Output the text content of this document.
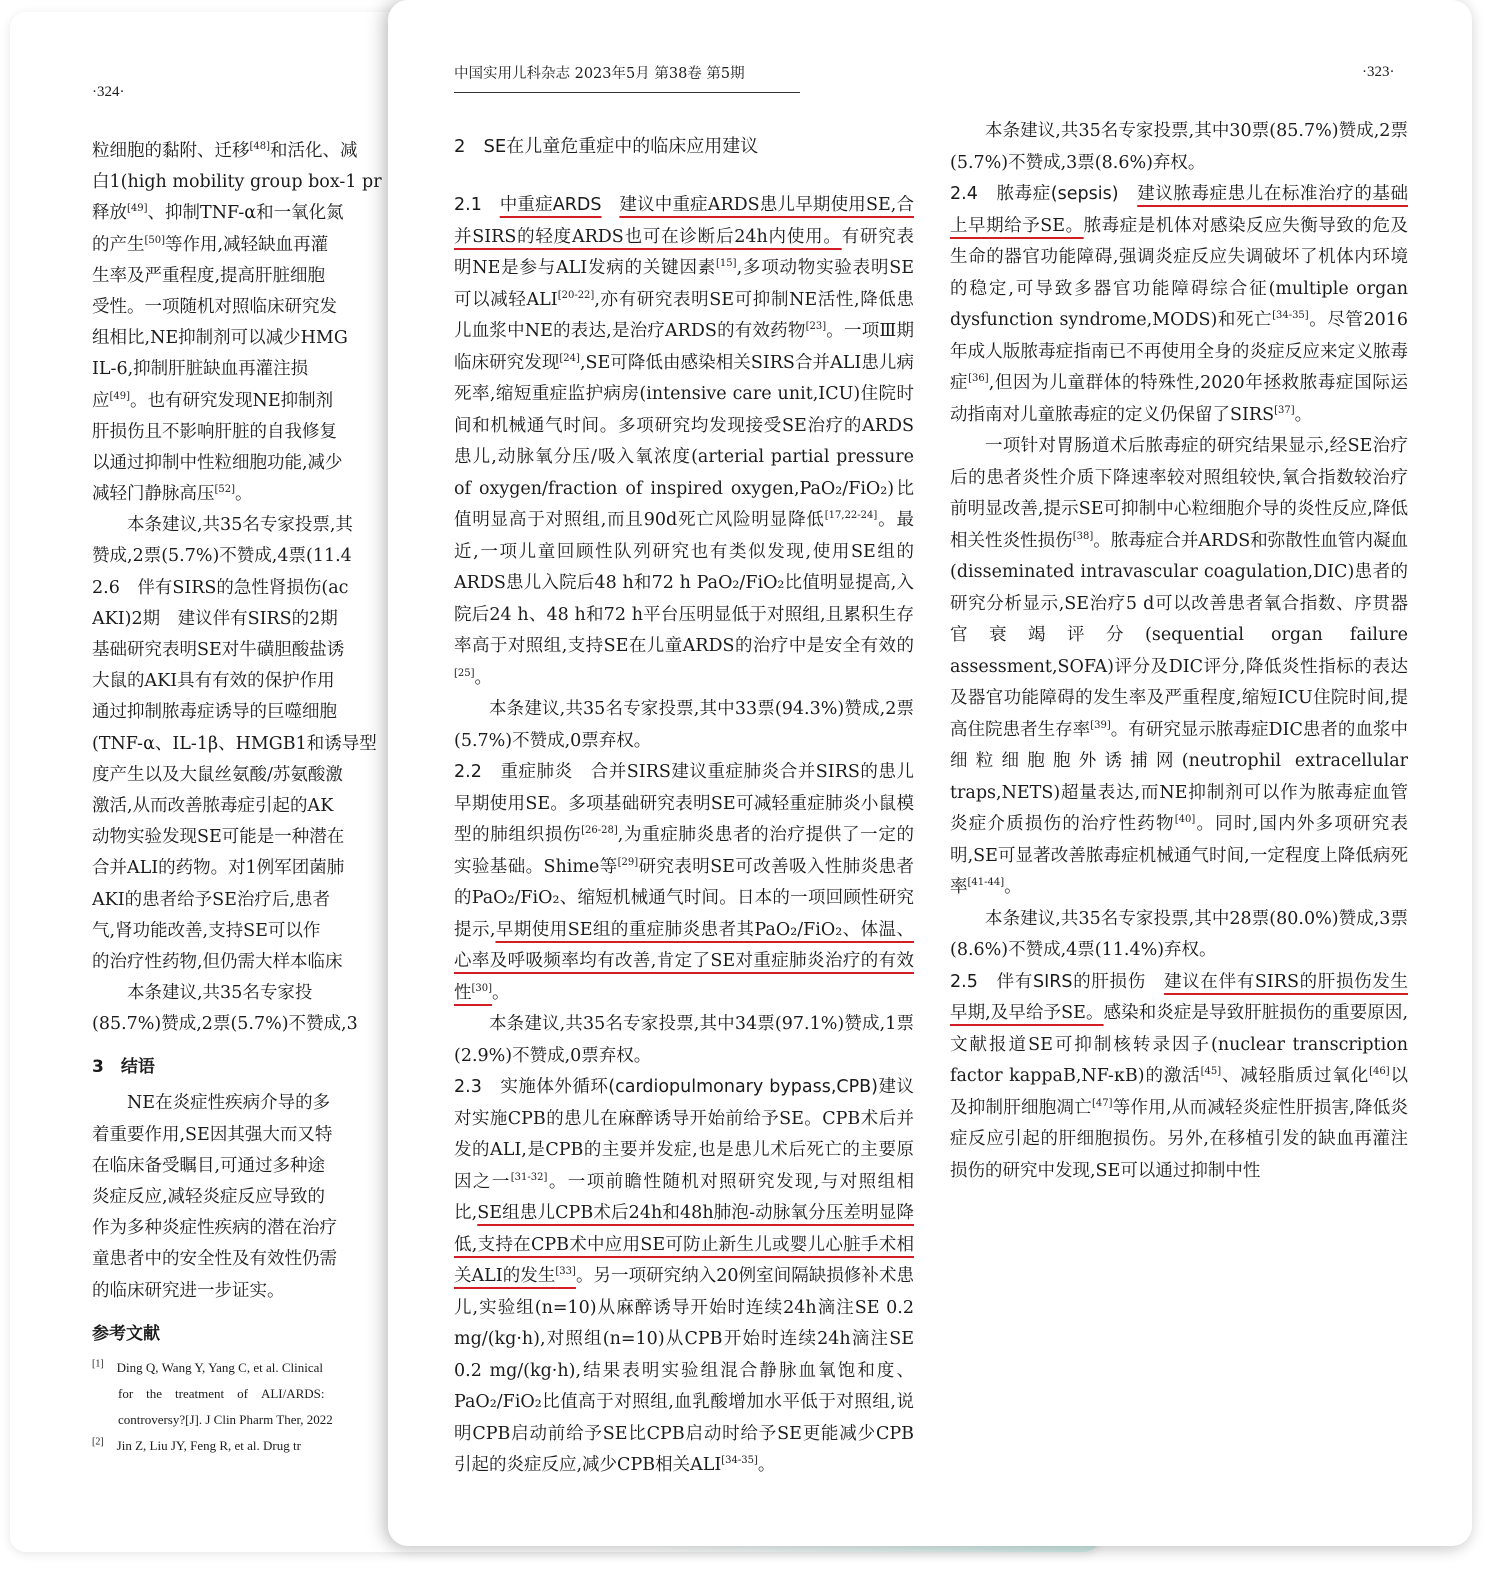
·324·
粒细胞的黏附、迁移[48]和活化、减
白1(high mobility group box-1 pr
释放[49]、抑制TNF-α和一氧化氮
的产生[50]等作用,减轻缺血再灌
生率及严重程度,提高肝脏细胞
受性。一项随机对照临床研究发
组相比,NE抑制剂可以减少HMG
IL-6,抑制肝脏缺血再灌注损
应[49]。也有研究发现NE抑制剂
肝损伤且不影响肝脏的自我修复
以通过抑制中性粒细胞功能,减少
减轻门静脉高压[52]。
　　本条建议,共35名专家投票,其
赞成,2票(5.7%)不赞成,4票(11.4
2.6　伴有SIRS的急性肾损伤(ac
AKI)2期　建议伴有SIRS的2期
基础研究表明SE对牛磺胆酸盐诱
大鼠的AKI具有有效的保护作用
通过抑制脓毒症诱导的巨噬细胞
(TNF-α、IL-1β、HMGB1和诱导型
度产生以及大鼠丝氨酸/苏氨酸激
激活,从而改善脓毒症引起的AK
动物实验发现SE可能是一种潜在
合并ALI的药物。对1例军团菌肺
AKI的患者给予SE治疗后,患者
气,肾功能改善,支持SE可以作
的治疗性药物,但仍需大样本临床
　　本条建议,共35名专家投
(85.7%)赞成,2票(5.7%)不赞成,3
3　结语
　　NE在炎症性疾病介导的多
着重要作用,SE因其强大而又特
在临床备受瞩目,可通过多种途
炎症反应,减轻炎症反应导致的
作为多种炎症性疾病的潜在治疗
童患者中的安全性及有效性仍需
的临床研究进一步证实。
参考文献
[1]　Ding Q, Wang Y, Yang C, et al. Clinical
　　for　the　treatment　of　ALI/ARDS:
　　controversy?[J]. J Clin Pharm Ther, 2022
[2]　Jin Z, Liu JY, Feng R, et al. Drug tr
中国实用儿科杂志 2023年5月 第38卷 第5期	·323·
2　SE在儿童危重症中的临床应用建议

2.1　中重症ARDS　 建议中重症ARDS患儿早期使用SE,合并SIRS的轻度ARDS也可在诊断后24h内使用。有研究表明NE是参与ALI发病的关键因素[15],多项动物实验表明SE可以减轻ALI[20-22],亦有研究表明SE可抑制NE活性,降低患儿血浆中NE的表达,是治疗ARDS的有效药物[23]。一项Ⅲ期临床研究发现[24],SE可降低由感染相关SIRS合并ALI患儿病死率,缩短重症监护病房(intensive care unit,ICU)住院时间和机械通气时间。多项研究均发现接受SE治疗的ARDS患儿,动脉氧分压/吸入氧浓度(arterial partial pressure of oxygen/fraction of inspired oxygen,PaO₂/FiO₂)比值明显高于对照组,而且90d死亡风险明显降低[17,22-24]。最近,一项儿童回顾性队列研究也有类似发现,使用SE组的ARDS患儿入院后48 h和72 h PaO₂/FiO₂比值明显提高,入院后24 h、48 h和72 h平台压明显低于对照组,且累积生存率高于对照组,支持SE在儿童ARDS的治疗中是安全有效的[25]。

本条建议,共35名专家投票,其中33票(94.3%)赞成,2票(5.7%)不赞成,0票弃权。

2.2　重症肺炎　 合并SIRS建议重症肺炎合并SIRS的患儿早期使用SE。多项基础研究表明SE可减轻重症肺炎小鼠模型的肺组织损伤[26-28],为重症肺炎患者的治疗提供了一定的实验基础。Shime等[29]研究表明SE可改善吸入性肺炎患者的PaO₂/FiO₂、缩短机械通气时间。日本的一项回顾性研究提示,早期使用SE组的重症肺炎患者其PaO₂/FiO₂、体温、心率及呼吸频率均有改善,肯定了SE对重症肺炎治疗的有效性[30]。

本条建议,共35名专家投票,其中34票(97.1%)赞成,1票(2.9%)不赞成,0票弃权。

2.3　实施体外循环(cardiopulmonary bypass,CPB)建议对实施CPB的患儿在麻醉诱导开始前给予SE。CPB术后并发的ALI,是CPB的主要并发症,也是患儿术后死亡的主要原因之一[31-32]。一项前瞻性随机对照研究发现,与对照组相比,SE组患儿CPB术后24h和48h肺泡-动脉氧分压差明显降低,支持在CPB术中应用SE可防止新生儿或婴儿心脏手术相关ALI的发生[33]。另一项研究纳入20例室间隔缺损修补术患儿,实验组(n=10)从麻醉诱导开始时连续24h滴注SE 0.2 mg/(kg·h),对照组(n=10)从CPB开始时连续24h滴注SE 0.2 mg/(kg·h),结果表明实验组混合静脉血氧饱和度、PaO₂/FiO₂比值高于对照组,血乳酸增加水平低于对照组,说明CPB启动前给予SE比CPB启动时给予SE更能减少CPB引起的炎症反应,减少CPB相关ALI[34-35]。

本条建议,共35名专家投票,其中30票(85.7%)赞成,2票(5.7%)不赞成,3票(8.6%)弃权。

2.4　脓毒症(sepsis)　 建议脓毒症患儿在标准治疗的基础上早期给予SE。脓毒症是机体对感染反应失衡导致的危及生命的器官功能障碍,强调炎症反应失调破坏了机体内环境的稳定,可导致多器官功能障碍综合征(multiple organ dysfunction syndrome,MODS)和死亡[34-35]。尽管2016年成人版脓毒症指南已不再使用全身的炎症反应来定义脓毒症[36],但因为儿童群体的特殊性,2020年拯救脓毒症国际运动指南对儿童脓毒症的定义仍保留了SIRS[37]。

一项针对胃肠道术后脓毒症的研究结果显示,经SE治疗后的患者炎性介质下降速率较对照组较快,氧合指数较治疗前明显改善,提示SE可抑制中心粒细胞介导的炎性反应,降低相关性炎性损伤[38]。脓毒症合并ARDS和弥散性血管内凝血(disseminated intravascular coagulation,DIC)患者的研究分析显示,SE治疗5 d可以改善患者氧合指数、序贯器官衰竭评分(sequential organ failure assessment,SOFA)评分及DIC评分,降低炎性指标的表达及器官功能障碍的发生率及严重程度,缩短ICU住院时间,提高住院患者生存率[39]。有研究显示脓毒症DIC患者的血浆中细粒细胞胞外诱捕网(neutrophil extracellular traps,NETS)超量表达,而NE抑制剂可以作为脓毒症血管炎症介质损伤的治疗性药物[40]。同时,国内外多项研究表明,SE可显著改善脓毒症机械通气时间,一定程度上降低病死率[41-44]。

本条建议,共35名专家投票,其中28票(80.0%)赞成,3票(8.6%)不赞成,4票(11.4%)弃权。

2.5　伴有SIRS的肝损伤　 建议在伴有SIRS的肝损伤发生早期,及早给予SE。感染和炎症是导致肝脏损伤的重要原因,文献报道SE可抑制核转录因子(nuclear transcription factor kappaB,NF-κB)的激活[45]、减轻脂质过氧化[46]以及抑制肝细胞凋亡[47]等作用,从而减轻炎症性肝损害,降低炎症反应引起的肝细胞损伤。另外,在移植引发的缺血再灌注损伤的研究中发现,SE可以通过抑制中性
